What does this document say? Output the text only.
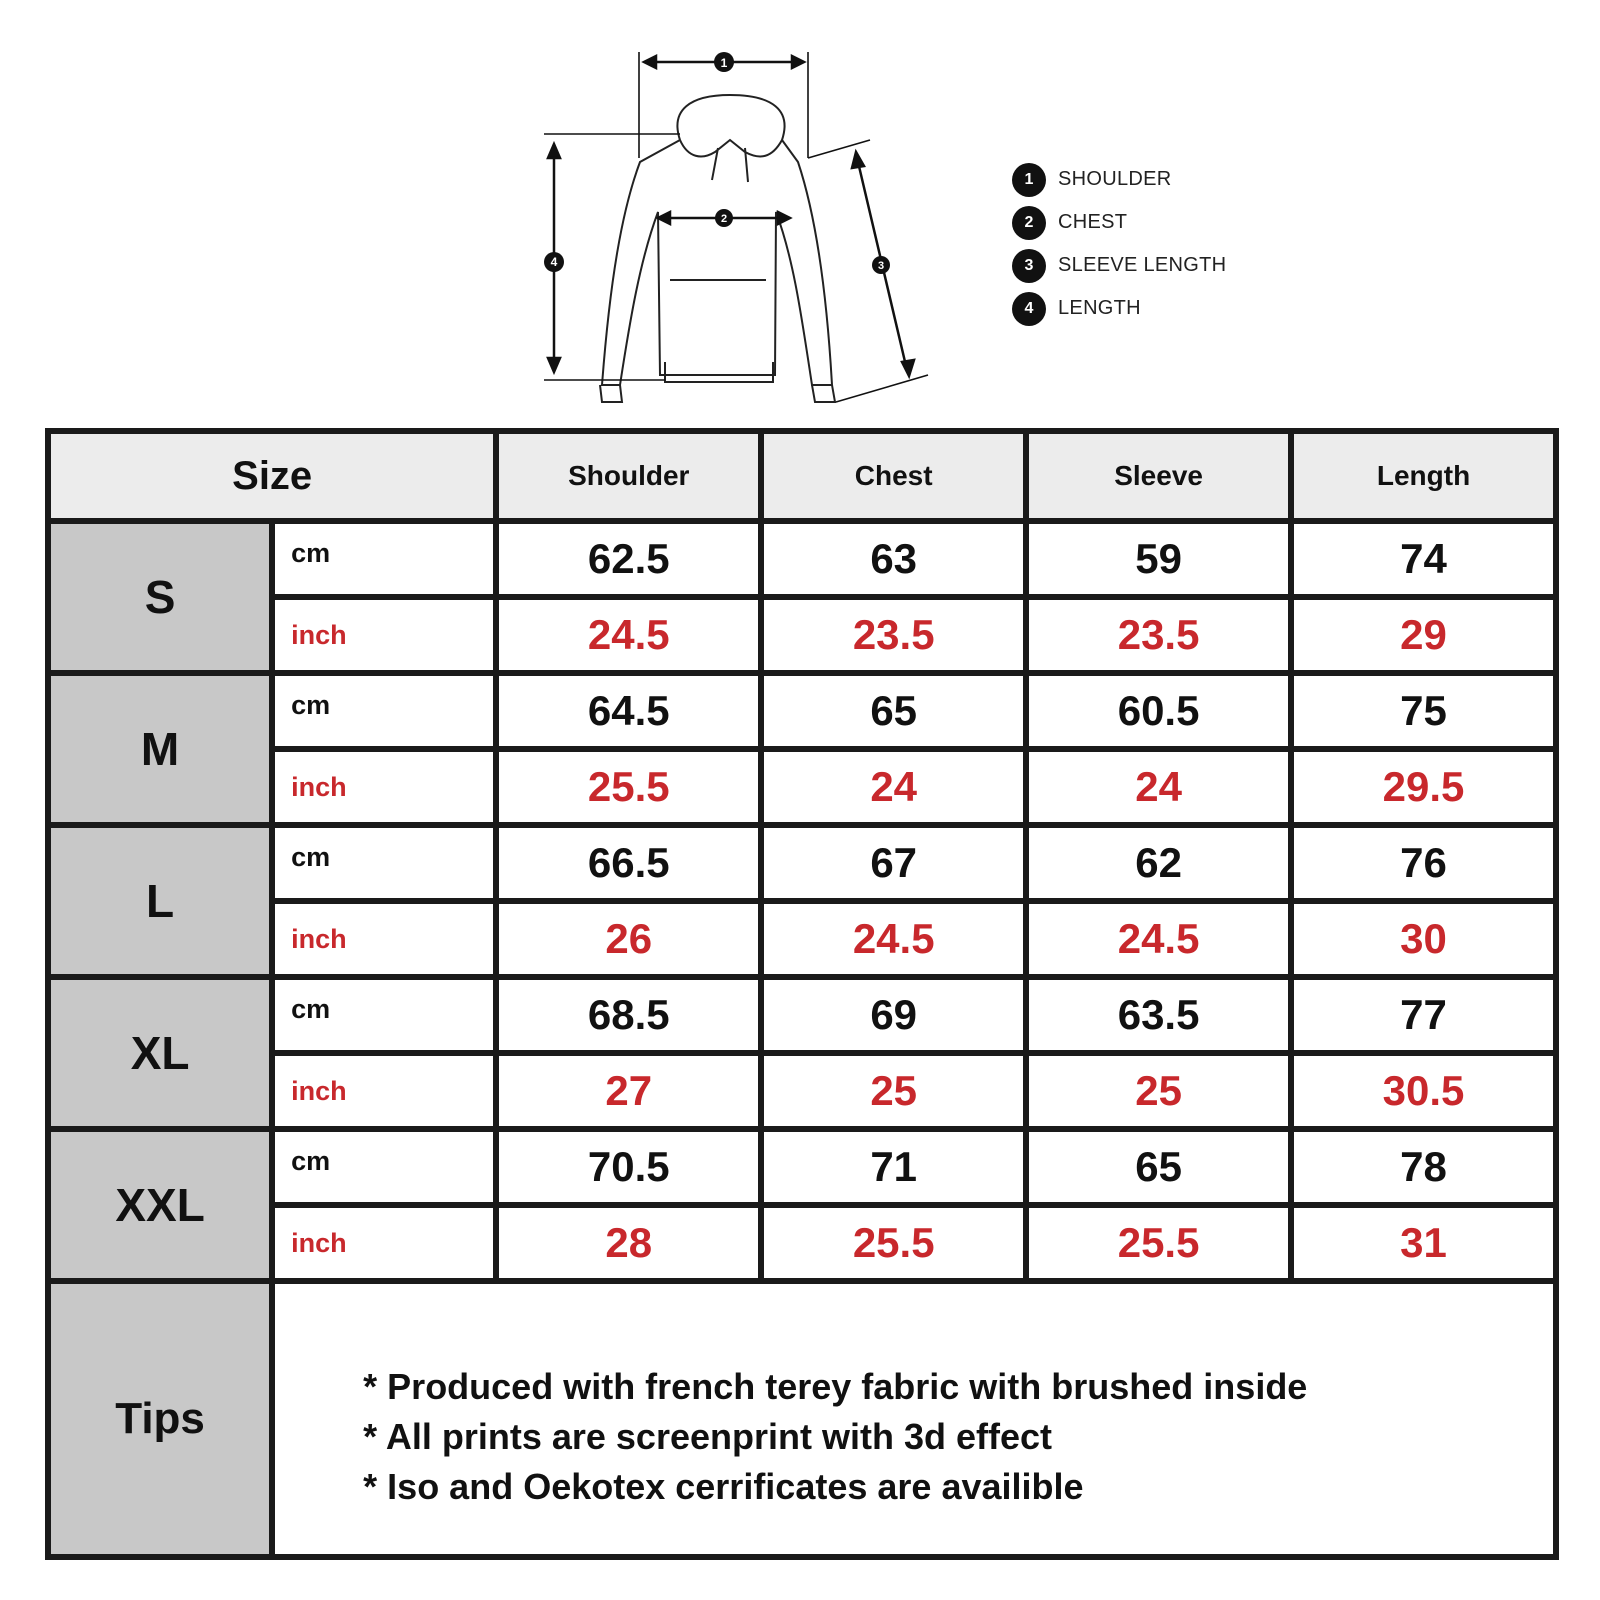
1
2
3
4
1	SHOULDER
2	CHEST
3	SLEEVE LENGTH
4	LENGTH
Size		Shoulder	Chest	Sleeve	Length
S	cm	62.5	63	59	74
	inch	24.5	23.5	23.5	29
M	cm	64.5	65	60.5	75
	inch	25.5	24	24	29.5
L	cm	66.5	67	62	76
	inch	26	24.5	24.5	30
XL	cm	68.5	69	63.5	77
	inch	27	25	25	30.5
XXL	cm	70.5	71	65	78
	inch	28	25.5	25.5	31
Tips	* Produced with french terey fabric with brushed inside
* All prints are screenprint with 3d effect
* Iso and Oekotex cerrificates are availible				
